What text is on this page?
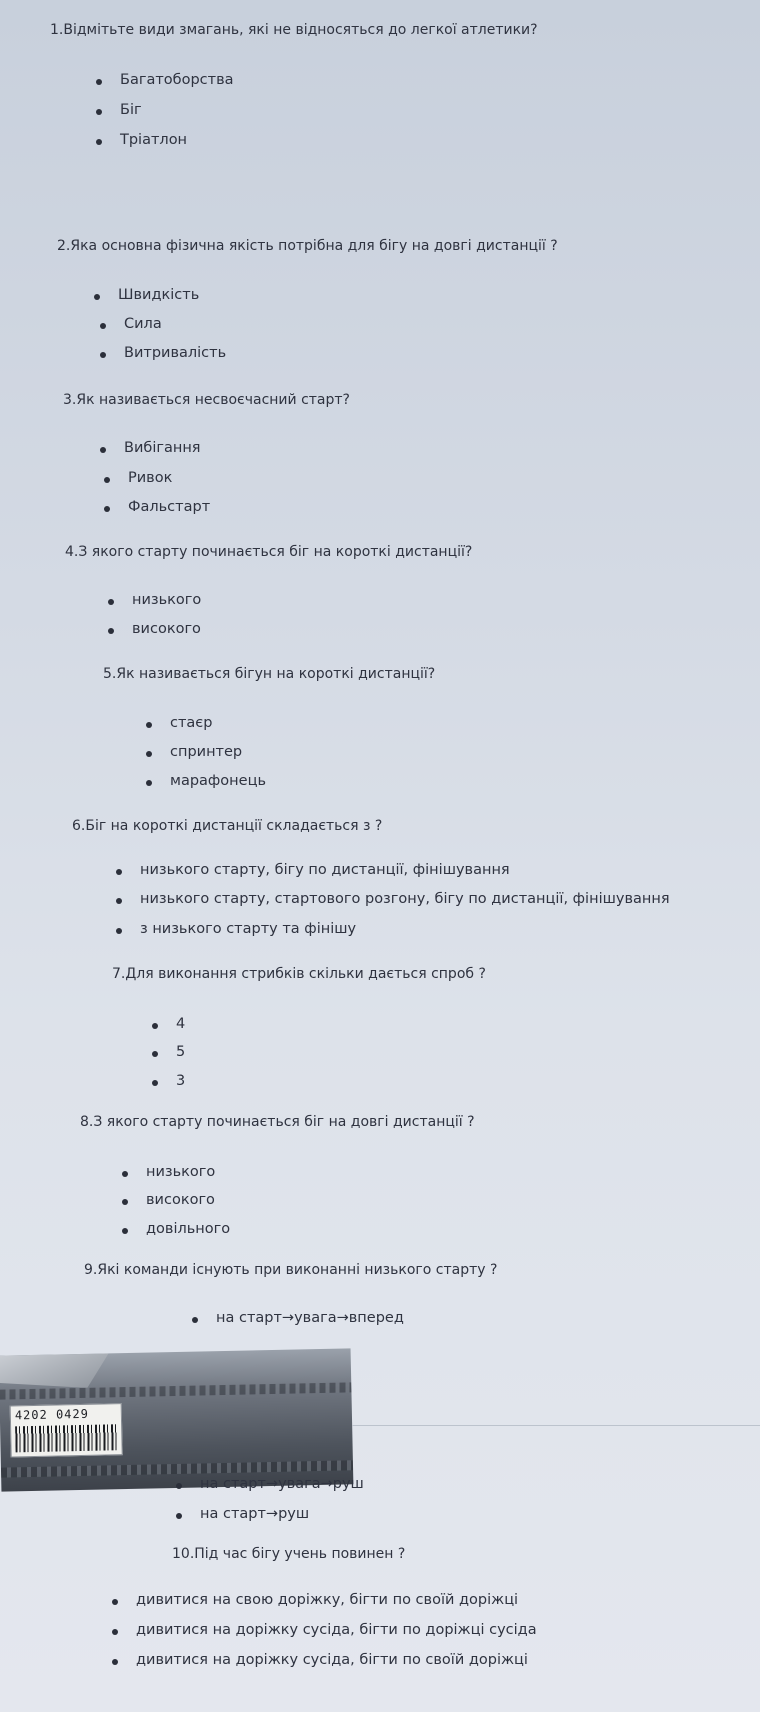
1.Відмітьте види змагань, які не відносяться до легкої атлетики?
Багатоборства
Біг
Тріатлон
2.Яка основна фізична якість потрібна для бігу на довгі дистанції ?
Швидкість
Сила
Витривалість
3.Як називається несвоєчасний старт?
Вибігання
Ривок
Фальстарт
4.З якого старту починається біг на короткі дистанції?
низького
високого
5.Як називається бігун на короткі дистанції?
стаєр
спринтер
марафонець
6.Біг на короткі дистанції складається з ?
низького старту, бігу по дистанції, фінішування
низького старту, стартового розгону, бігу по дистанції, фінішування
з низького старту та фінішу
7.Для виконання стрибків скільки дається спроб ?
4
5
3
8.З якого старту починається біг на довгі дистанції ?
низького
високого
довільного
9.Які команди існують при виконанні низького старту ?
на старт→увага→вперед
4202 0429
на старт→увага→руш
на старт→руш
10.Під час бігу учень повинен ?
дивитися на свою доріжку, бігти по своїй доріжці
дивитися на доріжку сусіда, бігти по доріжці сусіда
дивитися на доріжку сусіда, бігти по своїй доріжці
